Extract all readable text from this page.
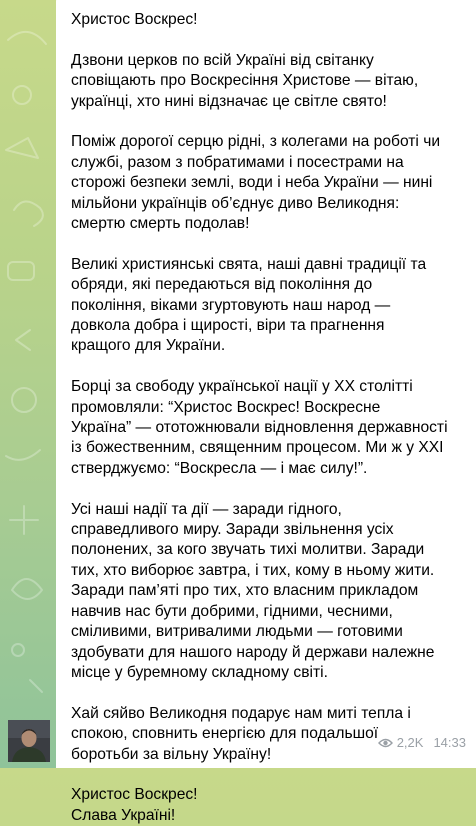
Христос Воскрес!

Дзвони церков по всій Україні від світанку
сповіщають про Воскресіння Христове — вітаю,
українці, хто нині відзначає це світле свято!

Поміж дорогої серцю рідні, з колегами на роботі чи
службі, разом з побратимами і посестрами на
сторожі безпеки землі, води і неба України — нині
мільйони українців об’єднує диво Великодня:
смертю смерть подолав!

Великі християнські свята, наші давні традиції та
обряди, які передаються від покоління до
покоління, віками згуртовують наш народ —
довкола добра і щирості, віри та прагнення
кращого для України.

Борці за свободу української нації у ХХ столітті
промовляли: “Христос Воскрес! Воскресне
Україна” — ототожнювали відновлення державності
із божественним, священним процесом. Ми ж у ХХІ
стверджуємо: “Воскресла — і має силу!”.

Усі наші надії та дії — заради гідного,
справедливого миру. Заради звільнення усіх
полонених, за кого звучать тихі молитви. Заради
тих, хто виборює завтра, і тих, кому в ньому жити.
Заради пам’яті про тих, хто власним прикладом
навчив нас бути добрими, гідними, чесними,
сміливими, витривалими людьми — готовими
здобувати для нашого народу й держави належне
місце у буремному складному світі.

Хай сяйво Великодня подарує нам миті тепла і
спокою, сповнить енергією для подальшої
боротьби за вільну Україну!

Христос Воскрес!
Слава Україні!

2,2K 14:33
